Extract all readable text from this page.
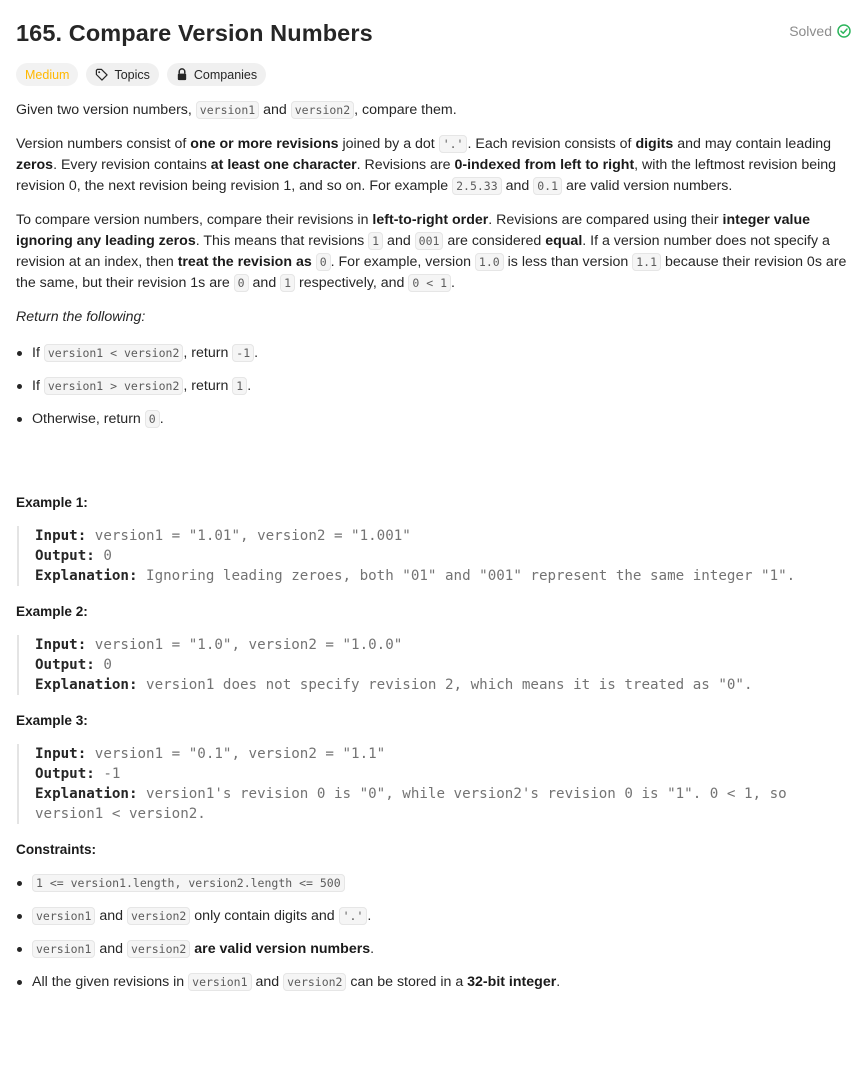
165. Compare Version Numbers	Solved
Medium	Topics	Companies

Given two version numbers, version1 and version2 , compare them.

Version numbers consist of one or more revisions joined by a dot '.' . Each revision consists of digits and may contain leading zeros. Every revision contains at least one character. Revisions are 0-indexed from left to right, with the leftmost revision being revision 0, the next revision being revision 1, and so on. For example 2.5.33 and 0.1 are valid version numbers.

To compare version numbers, compare their revisions in left-to-right order. Revisions are compared using their integer value ignoring any leading zeros. This means that revisions 1 and 001 are considered equal. If a version number does not specify a revision at an index, then treat the revision as 0 . For example, version 1.0 is less than version 1.1 because their revision 0s are the same, but their revision 1s are 0 and 1 respectively, and 0 < 1 .

Return the following:

If version1 < version2 , return -1 .
If version1 > version2 , return 1 .
Otherwise, return 0 .

Example 1:

Input: version1 = "1.01", version2 = "1.001"
Output: 0
Explanation: Ignoring leading zeroes, both "01" and "001" represent the same integer "1".

Example 2:

Input: version1 = "1.0", version2 = "1.0.0"
Output: 0
Explanation: version1 does not specify revision 2, which means it is treated as "0".

Example 3:

Input: version1 = "0.1", version2 = "1.1"
Output: -1
Explanation: version1's revision 0 is "0", while version2's revision 0 is "1". 0 < 1, so
version1 < version2.

Constraints:

1 <= version1.length, version2.length <= 500
version1 and version2 only contain digits and '.' .
version1 and version2 are valid version numbers.
All the given revisions in version1 and version2 can be stored in a 32-bit integer.
